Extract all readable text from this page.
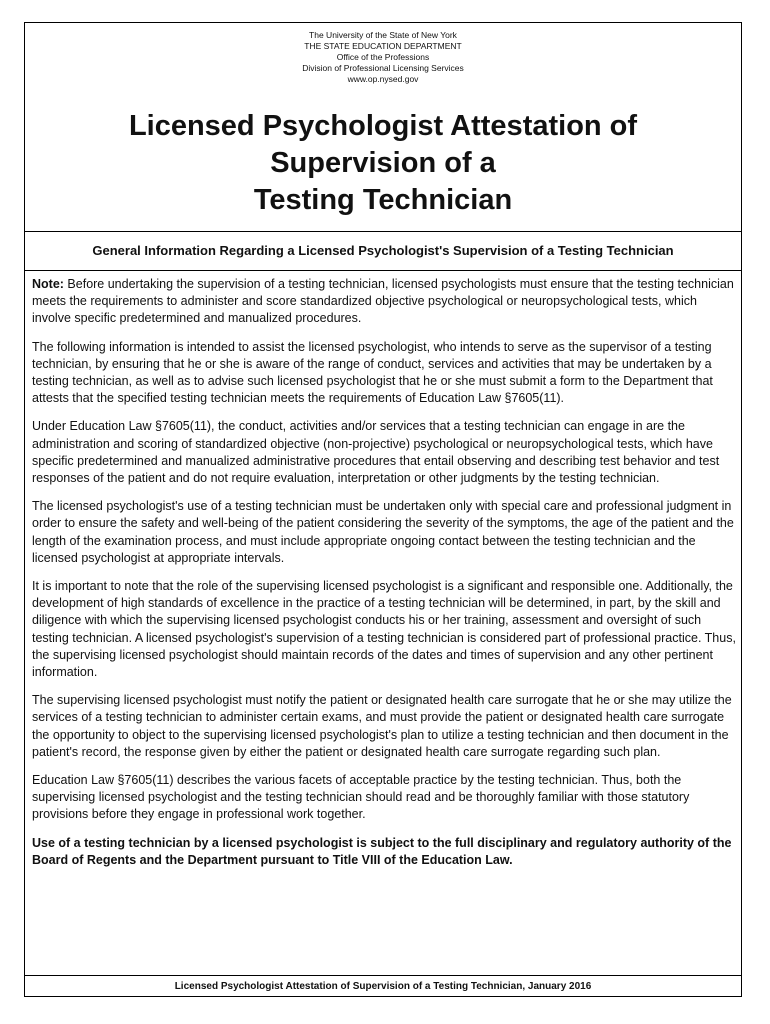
The University of the State of New York
THE STATE EDUCATION DEPARTMENT
Office of the Professions
Division of Professional Licensing Services
www.op.nysed.gov
Licensed Psychologist Attestation of
Supervision of a
Testing Technician
General Information Regarding a Licensed Psychologist's Supervision of a Testing Technician

Note: Before undertaking the supervision of a testing technician, licensed psychologists must ensure that the testing technician meets the requirements to administer and score standardized objective psychological or neuropsychological tests, which involve specific predetermined and manualized procedures.

The following information is intended to assist the licensed psychologist, who intends to serve as the supervisor of a testing technician, by ensuring that he or she is aware of the range of conduct, services and activities that may be undertaken by a testing technician, as well as to advise such licensed psychologist that he or she must submit a form to the Department that attests that the specified testing technician meets the requirements of Education Law §7605(11).

Under Education Law §7605(11), the conduct, activities and/or services that a testing technician can engage in are the administration and scoring of standardized objective (non-projective) psychological or neuropsychological tests, which have specific predetermined and manualized administrative procedures that entail observing and describing test behavior and test responses of the patient and do not require evaluation, interpretation or other judgments by the testing technician.

The licensed psychologist's use of a testing technician must be undertaken only with special care and professional judgment in order to ensure the safety and well-being of the patient considering the severity of the symptoms, the age of the patient and the length of the examination process, and must include appropriate ongoing contact between the testing technician and the licensed psychologist at appropriate intervals.

It is important to note that the role of the supervising licensed psychologist is a significant and responsible one. Additionally, the development of high standards of excellence in the practice of a testing technician will be determined, in part, by the skill and diligence with which the supervising licensed psychologist conducts his or her training, assessment and oversight of such testing technician. A licensed psychologist's supervision of a testing technician is considered part of professional practice. Thus, the supervising licensed psychologist should maintain records of the dates and times of supervision and any other pertinent information.

The supervising licensed psychologist must notify the patient or designated health care surrogate that he or she may utilize the services of a testing technician to administer certain exams, and must provide the patient or designated health care surrogate the opportunity to object to the supervising licensed psychologist's plan to utilize a testing technician and then document in the patient's record, the response given by either the patient or designated health care surrogate regarding such plan.

Education Law §7605(11) describes the various facets of acceptable practice by the testing technician. Thus, both the supervising licensed psychologist and the testing technician should read and be thoroughly familiar with those statutory provisions before they engage in professional work together.

Use of a testing technician by a licensed psychologist is subject to the full disciplinary and regulatory authority of the Board of Regents and the Department pursuant to Title VIII of the Education Law.

Licensed Psychologist Attestation of Supervision of a Testing Technician, January 2016
